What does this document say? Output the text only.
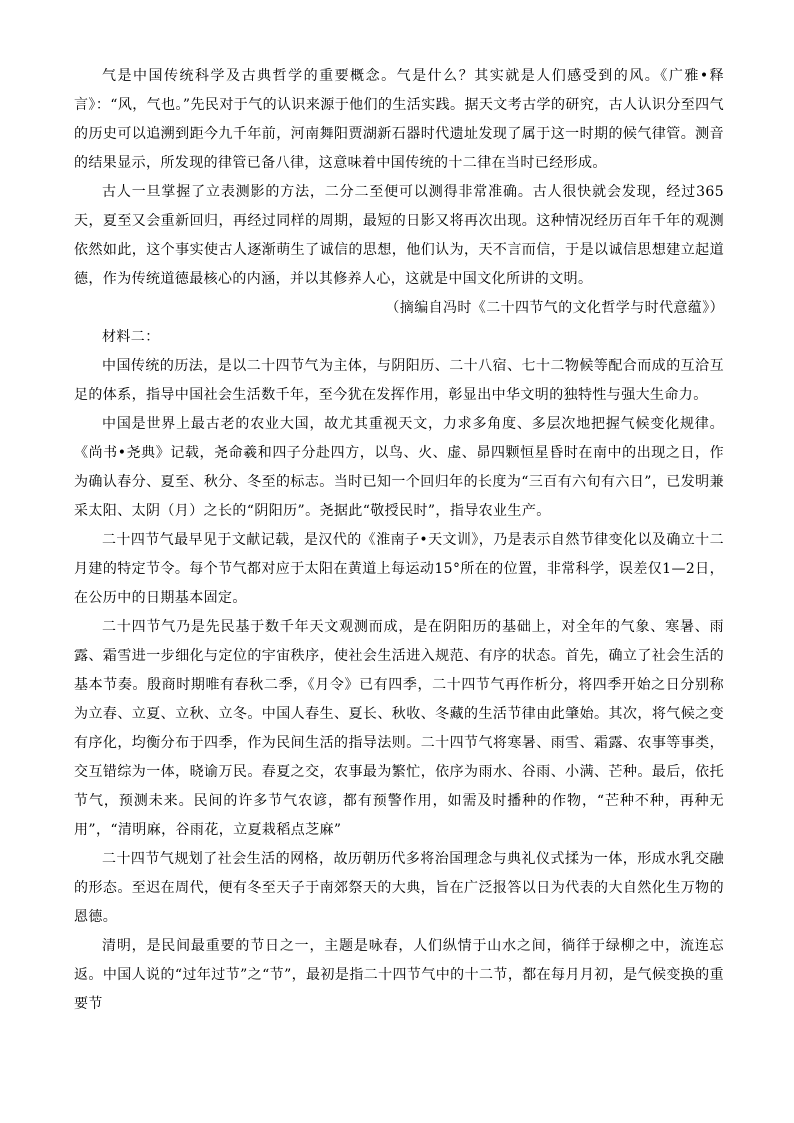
气是中国传统科学及古典哲学的重要概念。气是什么？其实就是人们感受到的风。《广雅•释言》：“风，气也。”先民对于气的认识来源于他们的生活实践。据天文考古学的研究，古人认识分至四气的历史可以追溯到距今九千年前，河南舞阳贾湖新石器时代遗址发现了属于这一时期的候气律管。测音的结果显示，所发现的律管已备八律，这意味着中国传统的十二律在当时已经形成。

古人一旦掌握了立表测影的方法，二分二至便可以测得非常准确。古人很快就会发现，经过365天，夏至又会重新回归，再经过同样的周期，最短的日影又将再次出现。这种情况经历百年千年的观测依然如此，这个事实使古人逐渐萌生了诚信的思想，他们认为，天不言而信，于是以诚信思想建立起道德，作为传统道德最核心的内涵，并以其修养人心，这就是中国文化所讲的文明。

（摘编自冯时《二十四节气的文化哲学与时代意蕴》）

材料二：

中国传统的历法，是以二十四节气为主体，与阴阳历、二十八宿、七十二物候等配合而成的互洽互足的体系，指导中国社会生活数千年，至今犹在发挥作用，彰显出中华文明的独特性与强大生命力。

中国是世界上最古老的农业大国，故尤其重视天文，力求多角度、多层次地把握气候变化规律。《尚书•尧典》记载，尧命羲和四子分赴四方，以鸟、火、虚、昴四颗恒星昏时在南中的出现之日，作为确认春分、夏至、秋分、冬至的标志。当时已知一个回归年的长度为“三百有六旬有六日”，已发明兼采太阳、太阴（月）之长的“阴阳历”。尧据此“敬授民时”，指导农业生产。

二十四节气最早见于文献记载，是汉代的《淮南子•天文训》，乃是表示自然节律变化以及确立十二月建的特定节令。每个节气都对应于太阳在黄道上每运动15°所在的位置，非常科学，误差仅1—2日，在公历中的日期基本固定。

二十四节气乃是先民基于数千年天文观测而成，是在阴阳历的基础上，对全年的气象、寒暑、雨露、霜雪进一步细化与定位的宇宙秩序，使社会生活进入规范、有序的状态。首先，确立了社会生活的基本节奏。殷商时期唯有春秋二季，《月令》已有四季，二十四节气再作析分，将四季开始之日分别称为立春、立夏、立秋、立冬。中国人春生、夏长、秋收、冬藏的生活节律由此肇始。其次，将气候之变有序化，均衡分布于四季，作为民间生活的指导法则。二十四节气将寒暑、雨雪、霜露、农事等事类，交互错综为一体，晓谕万民。春夏之交，农事最为繁忙，依序为雨水、谷雨、小满、芒种。最后，依托节气，预测未来。民间的许多节气农谚，都有预警作用，如需及时播种的作物，“芒种不种，再种无用”，“清明麻，谷雨花，立夏栽稻点芝麻”

二十四节气规划了社会生活的网格，故历朝历代多将治国理念与典礼仪式揉为一体，形成水乳交融的形态。至迟在周代，便有冬至天子于南郊祭天的大典，旨在广泛报答以日为代表的大自然化生万物的恩德。

清明，是民间最重要的节日之一，主题是咏春，人们纵情于山水之间，徜徉于绿柳之中，流连忘返。中国人说的“过年过节”之“节”，最初是指二十四节气中的十二节，都在每月月初，是气候变换的重要节
